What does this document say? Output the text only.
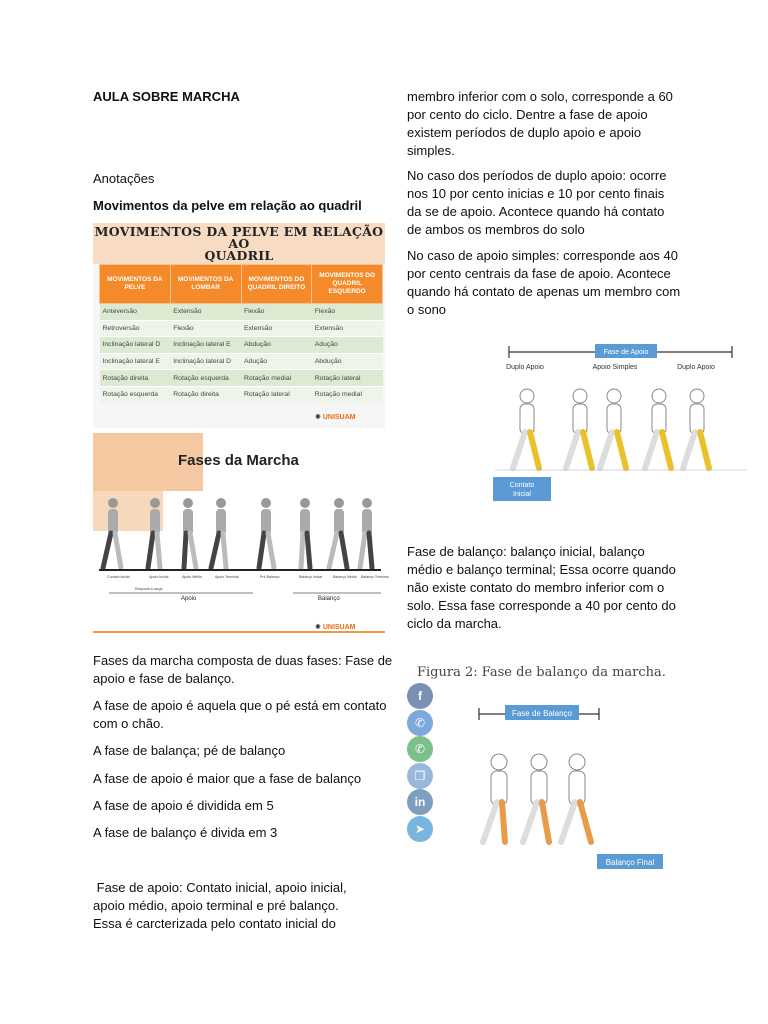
AULA SOBRE MARCHA

Anotações

Movimentos da pelve em relação ao quadril

MOVIMENTOS DA PELVE EM RELAÇÃO AO
QUADRIL
MOVIMENTOS DA PELVE	MOVIMENTOS DA LOMBAR	MOVIMENTOS DO QUADRIL DIREITO	MOVIMENTOS DO QUADRIL ESQUERDO
Anteversão	Extensão	Flexão	Flexão
Retroversão	Flexão	Extensão	Extensão
Inclinação lateral D	Inclinação lateral E	Abdução	Adução
Inclinação lateral E	Inclinação lateral D	Adução	Abdução
Rotação direita	Rotação esquerda	Rotação medial	Rotação lateral
Rotação esquerda	Rotação direita	Rotação lateral	Rotação medial
✺ UNISUAM
Fases da Marcha
Contato inicial	Apoio Inicial	Apoio Médio	Apoio Terminal	Pré Balanço	Balanço Inicial	Balanço Médio Balanço Terminal
Resposta à carga
Apoio	Balanço
✺ UNISUAM

Fases da marcha composta de duas fases: Fase de apoio e fase de balanço.

A fase de apoio é aquela que o pé está em contato com o chão.

A fase de balança; pé de balanço

A fase de apoio é maior que a fase de balanço

A fase de apoio é dividida em 5

A fase de balanço é divida em 3

Fase de apoio: Contato inicial, apoio inicial, apoio médio, apoio terminal e pré balanço. Essa é carcterizada pelo contato inicial do

membro inferior com o solo, corresponde a 60 por cento do ciclo. Dentre a fase de apoio existem períodos de duplo apoio e apoio simples.

No caso dos períodos de duplo apoio: ocorre nos 10 por cento inicias e 10 por cento finais da se de apoio. Acontece quando há contato de ambos os membros do solo

No caso de apoio simples: corresponde aos 40 por cento centrais da fase de apoio. Acontece quando há contato de apenas um membro com o sono

Fase de Apoio
Duplo Apoio	Apoio Simples	Duplo Apoio
Contato
Inicial

Fase de balanço: balanço inicial, balanço médio e balanço terminal; Essa ocorre quando não existe contato do membro inferior com o solo. Essa fase corresponde a 40 por cento do ciclo da marcha.

Figura 2: Fase de balanço da marcha.
Fase de Balanço
Balanço Final
f
✆
✆
❐
in
➤
